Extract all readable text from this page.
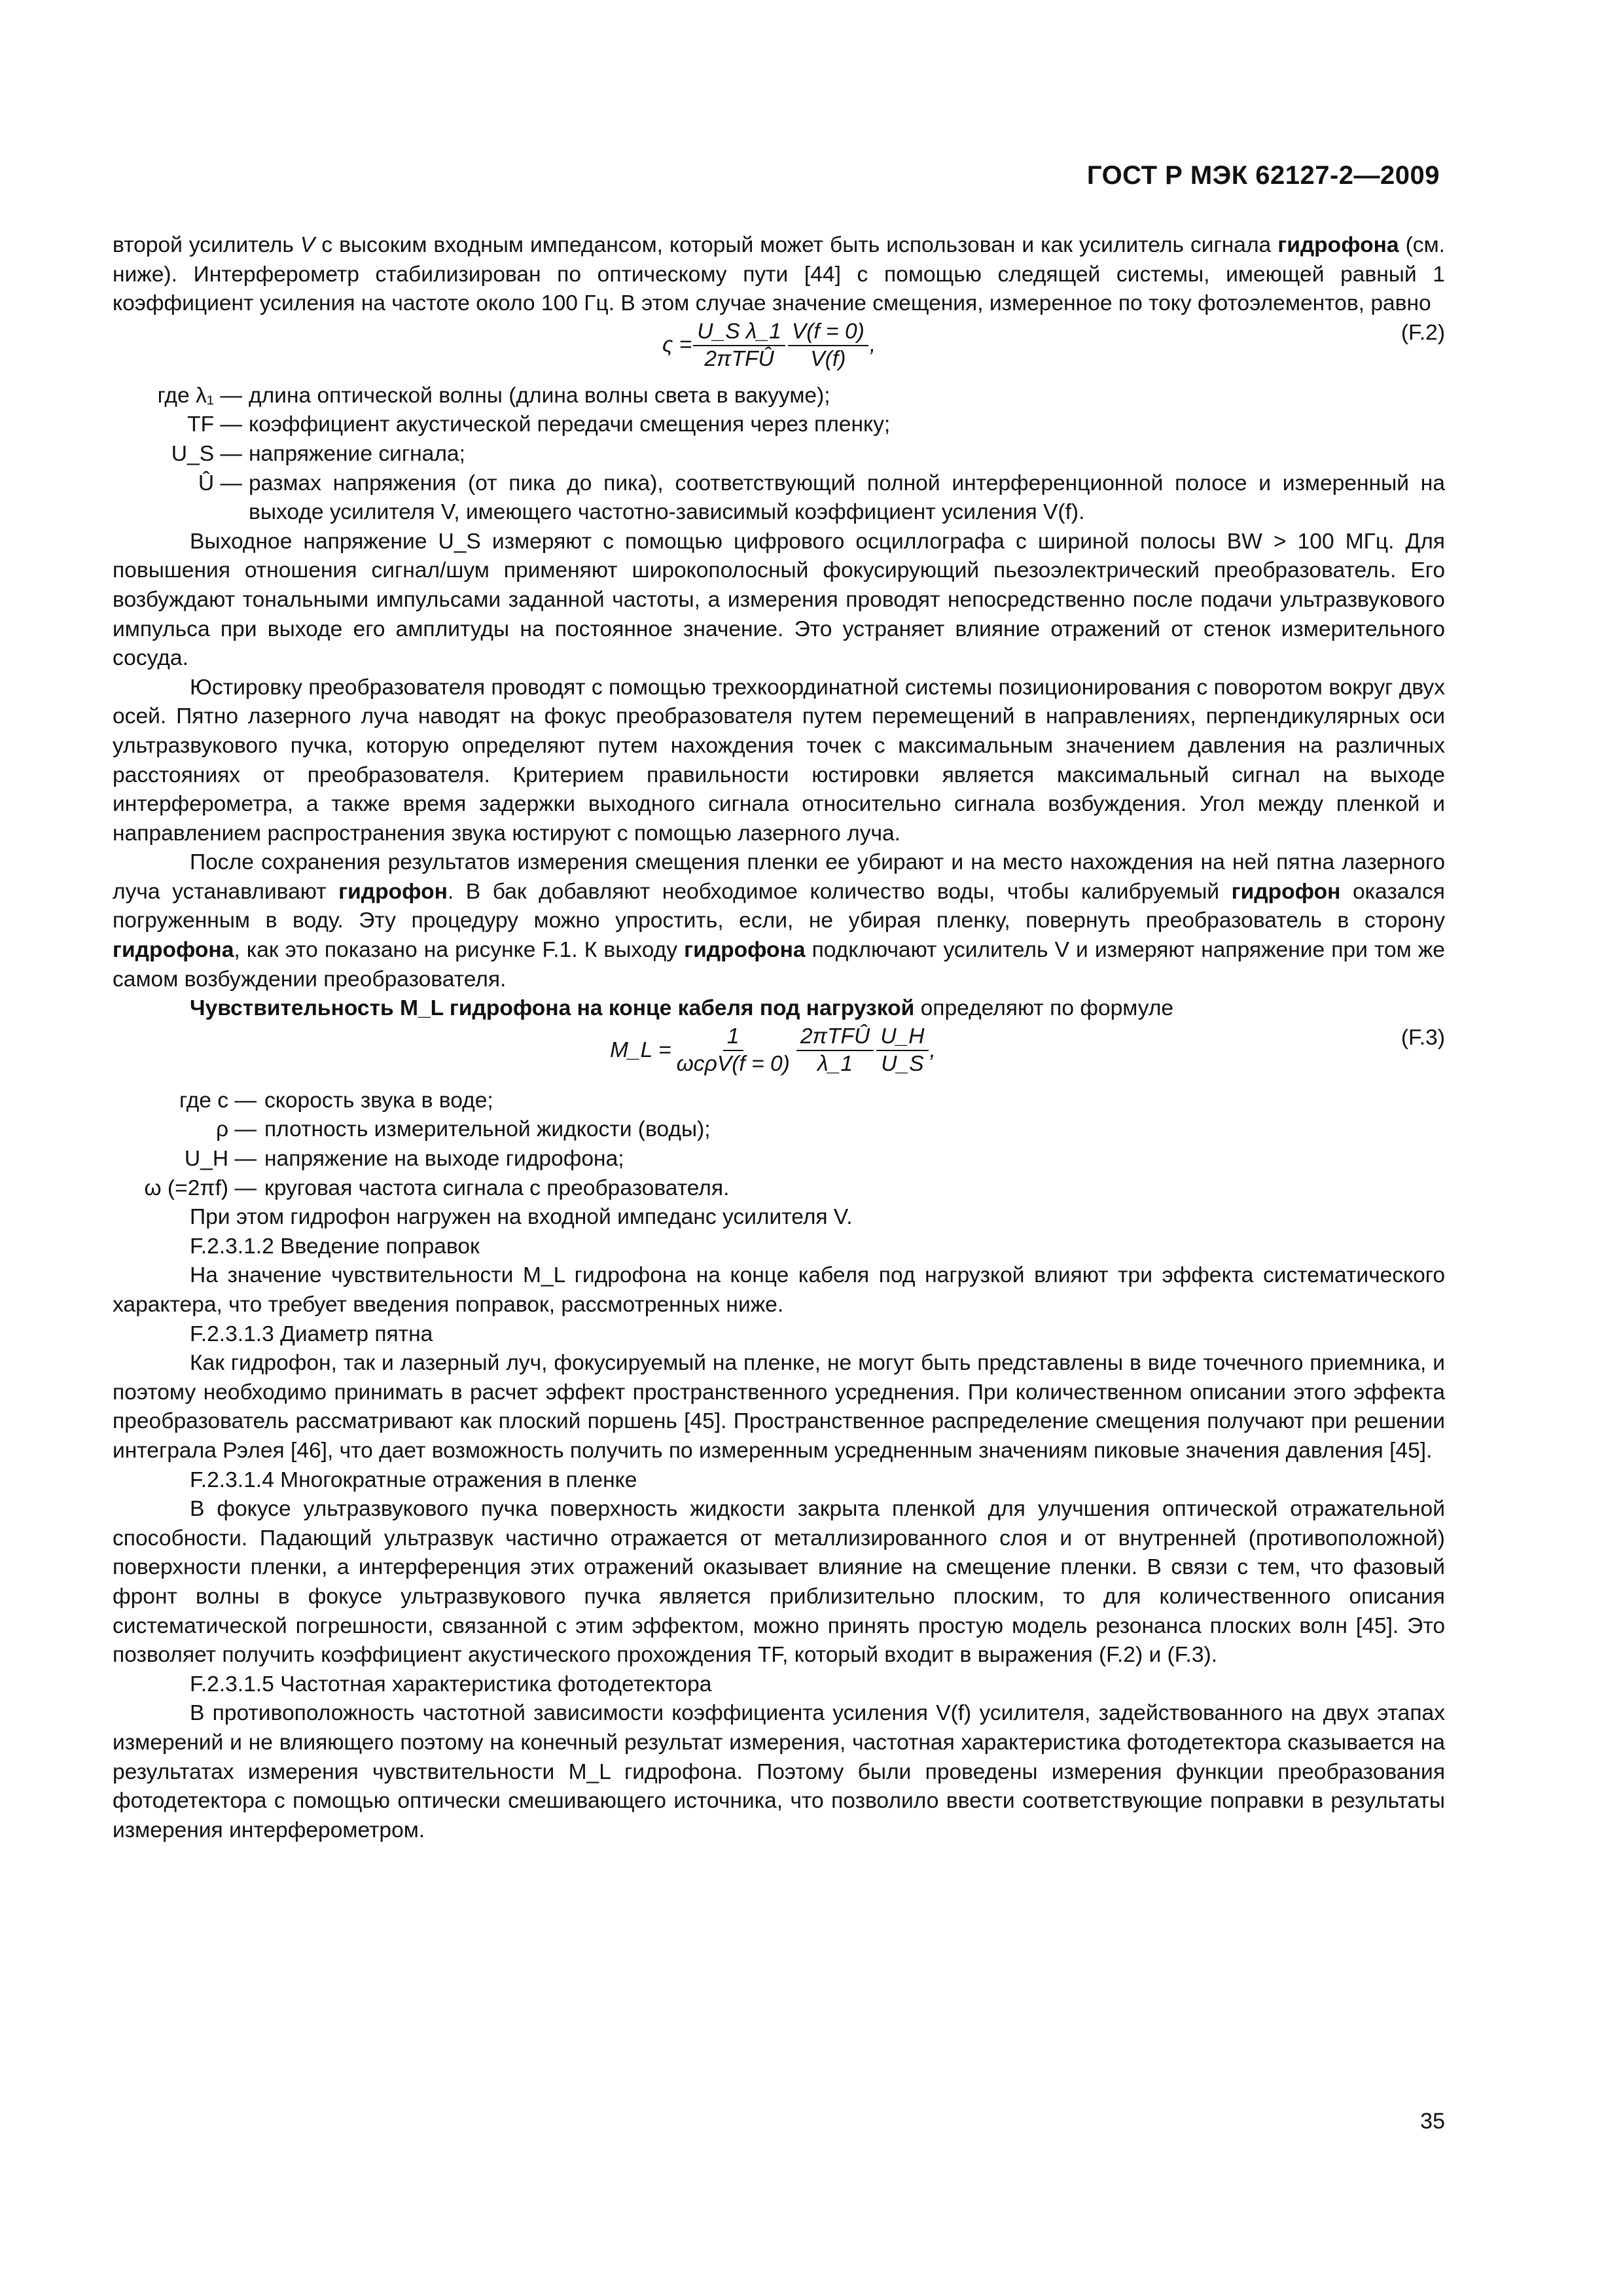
ГОСТ Р МЭК 62127-2—2009

второй усилитель V с высоким входным импедансом, который может быть использован и как усилитель сигнала гидрофона (см. ниже). Интерферометр стабилизирован по оптическому пути [44] с помощью следящей системы, имеющей равный 1 коэффициент усиления на частоте около 100 Гц. В этом случае значение смещения, измеренное по току фотоэлементов, равно

$\varsigma = \frac{\text{U\_S λ\_1}}{\text{2πTFÛ}} \frac{V(f = 0)}{V(f)}$ ,
(F.2)
где λ₁ — длина оптической волны (длина волны света в вакууме);
TF — коэффициент акустической передачи смещения через пленку;
U_S — напряжение сигнала;
Û — размах напряжения (от пика до пика), соответствующий полной интерференционной полосе и измеренный на выходе усилителя V, имеющего частотно-зависимый коэффициент усиления V(f).

Выходное напряжение U_S измеряют с помощью цифрового осциллографа с шириной полосы BW > 100 МГц. Для повышения отношения сигнал/шум применяют широкополосный фокусирующий пьезоэлектрический преобразователь. Его возбуждают тональными импульсами заданной частоты, а измерения проводят непосредственно после подачи ультразвукового импульса при выходе его амплитуды на постоянное значение. Это устраняет влияние отражений от стенок измерительного сосуда.

Юстировку преобразователя проводят с помощью трехкоординатной системы позиционирования с поворотом вокруг двух осей. Пятно лазерного луча наводят на фокус преобразователя путем перемещений в направлениях, перпендикулярных оси ультразвукового пучка, которую определяют путем нахождения точек с максимальным значением давления на различных расстояниях от преобразователя. Критерием правильности юстировки является максимальный сигнал на выходе интерферометра, а также время задержки выходного сигнала относительно сигнала возбуждения. Угол между пленкой и направлением распространения звука юстируют с помощью лазерного луча.

После сохранения результатов измерения смещения пленки ее убирают и на место нахождения на ней пятна лазерного луча устанавливают гидрофон. В бак добавляют необходимое количество воды, чтобы калибруемый гидрофон оказался погруженным в воду. Эту процедуру можно упростить, если, не убирая пленку, повернуть преобразователь в сторону гидрофона, как это показано на рисунке F.1. К выходу гидрофона подключают усилитель V и измеряют напряжение при том же самом возбуждении преобразователя.

Чувствительность M_L гидрофона на конце кабеля под нагрузкой определяют по формуле

M_L = $\frac{1}{\text{ωcρV(f = 0)}} \frac{\text{2πTFÛ}}{\lambda\_1} \frac{U\_H}{U\_S}$ ,
(F.3)
где c — скорость звука в воде;
ρ — плотность измерительной жидкости (воды);
U_H — напряжение на выходе гидрофона;
ω (=2πf) — круговая частота сигнала с преобразователя.

При этом гидрофон нагружен на входной импеданс усилителя V.

F.2.3.1.2 Введение поправок

На значение чувствительности M_L гидрофона на конце кабеля под нагрузкой влияют три эффекта систематического характера, что требует введения поправок, рассмотренных ниже.

F.2.3.1.3 Диаметр пятна

Как гидрофон, так и лазерный луч, фокусируемый на пленке, не могут быть представлены в виде точечного приемника, и поэтому необходимо принимать в расчет эффект пространственного усреднения. При количественном описании этого эффекта преобразователь рассматривают как плоский поршень [45]. Пространственное распределение смещения получают при решении интеграла Рэлея [46], что дает возможность получить по измеренным усредненным значениям пиковые значения давления [45].

F.2.3.1.4 Многократные отражения в пленке

В фокусе ультразвукового пучка поверхность жидкости закрыта пленкой для улучшения оптической отражательной способности. Падающий ультразвук частично отражается от металлизированного слоя и от внутренней (противоположной) поверхности пленки, а интерференция этих отражений оказывает влияние на смещение пленки. В связи с тем, что фазовый фронт волны в фокусе ультразвукового пучка является приблизительно плоским, то для количественного описания систематической погрешности, связанной с этим эффектом, можно принять простую модель резонанса плоских волн [45]. Это позволяет получить коэффициент акустического прохождения TF, который входит в выражения (F.2) и (F.3).

F.2.3.1.5 Частотная характеристика фотодетектора

В противоположность частотной зависимости коэффициента усиления V(f) усилителя, задействованного на двух этапах измерений и не влияющего поэтому на конечный результат измерения, частотная характеристика фотодетектора сказывается на результатах измерения чувствительности M_L гидрофона. Поэтому были проведены измерения функции преобразования фотодетектора с помощью оптически смешивающего источника, что позволило ввести соответствующие поправки в результаты измерения интерферометром.

35
